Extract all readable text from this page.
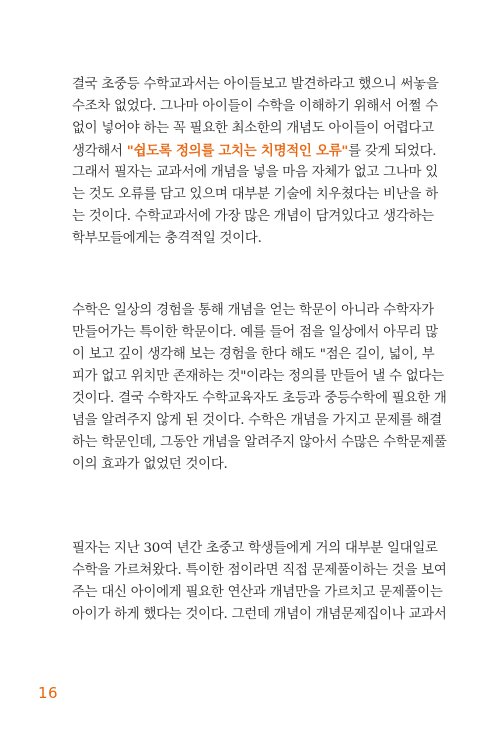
결국 초중등 수학교과서는 아이들보고 발견하라고 했으니 써놓을
수조차 없었다. 그나마 아이들이 수학을 이해하기 위해서 어쩔 수
없이 넣어야 하는 꼭 필요한 최소한의 개념도 아이들이 어렵다고
생각해서 "쉽도록 정의를 고치는 치명적인 오류"를 갖게 되었다.
그래서 필자는 교과서에 개념을 넣을 마음 자체가 없고 그나마 있
는 것도 오류를 담고 있으며 대부분 기술에 치우쳤다는 비난을 하
는 것이다. 수학교과서에 가장 많은 개념이 담겨있다고 생각하는
학부모들에게는 충격적일 것이다.
수학은 일상의 경험을 통해 개념을 얻는 학문이 아니라 수학자가
만들어가는 특이한 학문이다. 예를 들어 점을 일상에서 아무리 많
이 보고 깊이 생각해 보는 경험을 한다 해도 "점은 길이, 넓이, 부
피가 없고 위치만 존재하는 것"이라는 정의를 만들어 낼 수 없다는
것이다. 결국 수학자도 수학교육자도 초등과 중등수학에 필요한 개
념을 알려주지 않게 된 것이다. 수학은 개념을 가지고 문제를 해결
하는 학문인데, 그동안 개념을 알려주지 않아서 수많은 수학문제풀
이의 효과가 없었던 것이다.
필자는 지난 30여 년간 초중고 학생들에게 거의 대부분 일대일로
수학을 가르쳐왔다. 특이한 점이라면 직접 문제풀이하는 것을 보여
주는 대신 아이에게 필요한 연산과 개념만을 가르치고 문제풀이는
아이가 하게 했다는 것이다. 그런데 개념이 개념문제집이나 교과서
16
